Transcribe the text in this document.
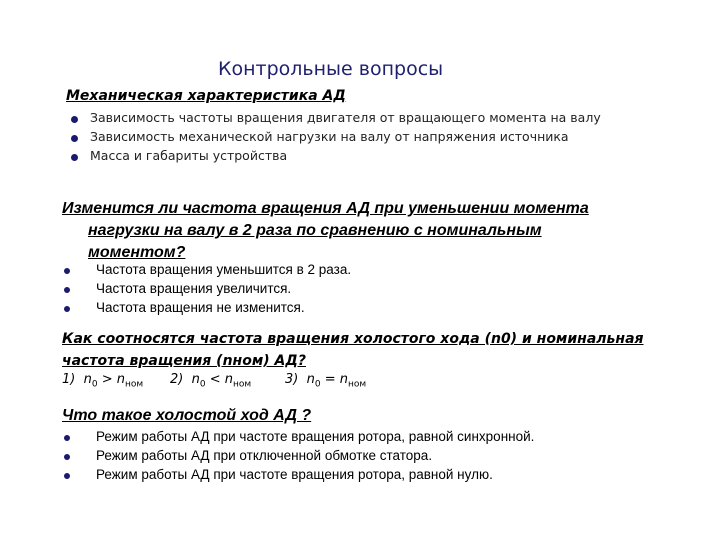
Контрольные вопросы
Механическая характеристика АД
Зависимость частоты вращения двигателя от вращающего момента на валу
Зависимость механической нагрузки на валу от напряжения источника
Масса и габариты устройства
Изменится ли частота вращения АД при уменьшении момента
нагрузки на валу в 2 раза по сравнению с номинальным
моментом?
Частота вращения уменьшится в 2 раза.
Частота вращения увеличится.
Частота вращения не изменится.
Как соотносятся частота вращения холостого хода (n0) и номинальная
частота вращения (nном) АД?
1) $n_0 > n_{ном}$ 2) $n_0 < n_{ном}$	3) $n_0 = n_{ном}$
Что такое холостой ход АД ?
Режим работы АД при частоте вращения ротора, равной синхронной.
Режим работы АД при отключенной обмотке статора.
Режим работы АД при частоте вращения ротора, равной нулю.
